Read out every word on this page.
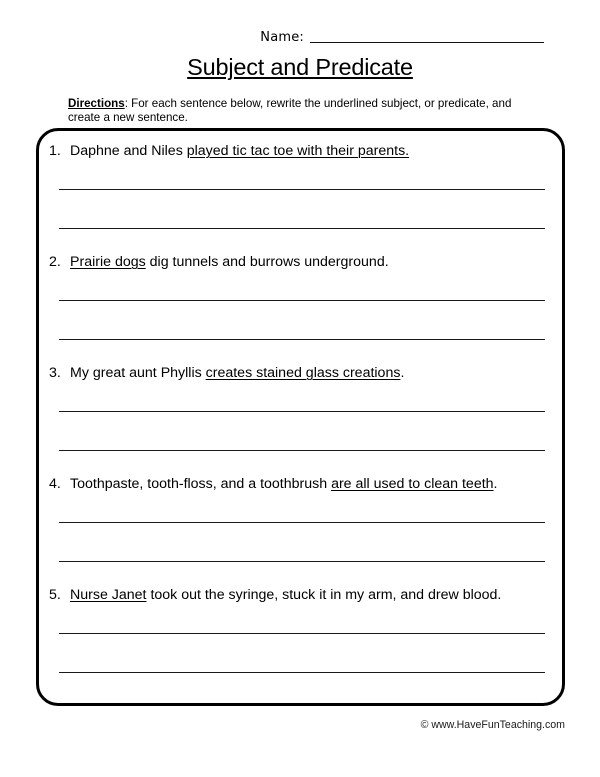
Name:
Subject and Predicate

Directions: For each sentence below, rewrite the underlined subject, or predicate, and create a new sentence.

1. Daphne and Niles played tic tac toe with their parents.
2. Prairie dogs dig tunnels and burrows underground.
3. My great aunt Phyllis creates stained glass creations.
4. Toothpaste, tooth-floss, and a toothbrush are all used to clean teeth.
5. Nurse Janet took out the syringe, stuck it in my arm, and drew blood.
© www.HaveFunTeaching.com
